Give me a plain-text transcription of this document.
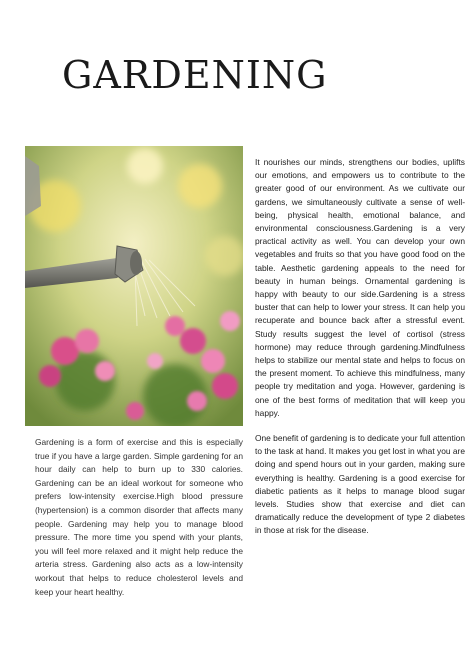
GARDENING

It nourishes our minds, strengthens our bodies, uplifts our emotions, and empowers us to contribute to the greater good of our environment. As we cultivate our gardens, we simultaneously cultivate a sense of well-being, physical health, emotional balance, and environmental consciousness.Gardening is a very practical activity as well. You can develop your own vegetables and fruits so that you have good food on the table. Aesthetic gardening appeals to the need for beauty in human beings. Ornamental gardening is happy with beauty to our side.Gardening is a stress buster that can help to lower your stress. It can help you recuperate and bounce back after a stressful event. Study results suggest the level of cortisol (stress hormone) may reduce through gardening.Mindfulness helps to stabilize our mental state and helps to focus on the present moment. To achieve this mindfulness, many people try meditation and yoga. However, gardening is one of the best forms of meditation that will keep you happy.

One benefit of gardening is to dedicate your full attention to the task at hand. It makes you get lost in what you are doing and spend hours out in your garden, making sure everything is healthy. Gardening is a good exercise for diabetic patients as it helps to manage blood sugar levels. Studies show that exercise and diet can dramatically reduce the development of type 2 diabetes in those at risk for the disease.

Gardening is a form of exercise and this is especially true if you have a large garden. Simple gardening for an hour daily can help to burn up to 330 calories. Gardening can be an ideal workout for someone who prefers low-intensity exercise.High blood pressure (hypertension) is a common disorder that affects many people. Gardening may help you to manage blood pressure. The more time you spend with your plants, you will feel more relaxed and it might help reduce the arteria stress. Gardening also acts as a low-intensity workout that helps to reduce cholesterol levels and keep your heart healthy.
